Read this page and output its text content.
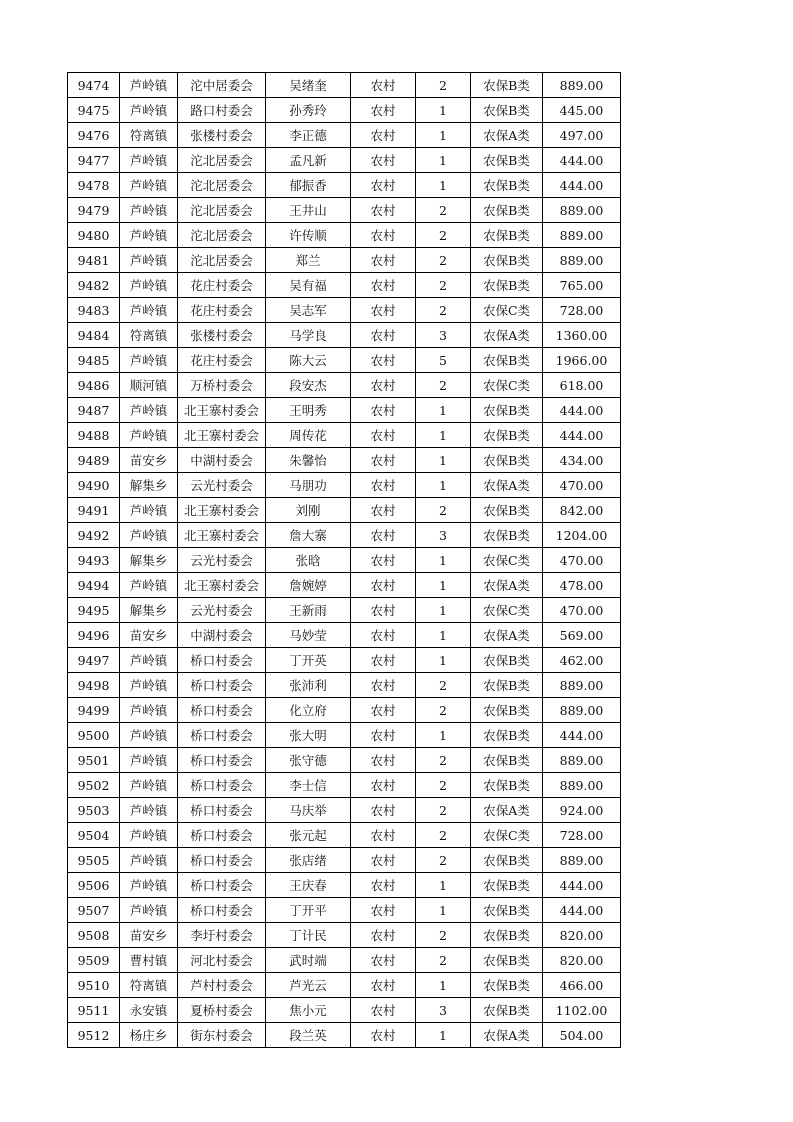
9474	芦岭镇	沱中居委会	吴绪奎	农村	2	农保B类	889.00
9475	芦岭镇	路口村委会	孙秀玲	农村	1	农保B类	445.00
9476	符离镇	张楼村委会	李正德	农村	1	农保A类	497.00
9477	芦岭镇	沱北居委会	孟凡新	农村	1	农保B类	444.00
9478	芦岭镇	沱北居委会	郁振香	农村	1	农保B类	444.00
9479	芦岭镇	沱北居委会	王井山	农村	2	农保B类	889.00
9480	芦岭镇	沱北居委会	许传顺	农村	2	农保B类	889.00
9481	芦岭镇	沱北居委会	郑兰	农村	2	农保B类	889.00
9482	芦岭镇	花庄村委会	吴有福	农村	2	农保B类	765.00
9483	芦岭镇	花庄村委会	吴志军	农村	2	农保C类	728.00
9484	符离镇	张楼村委会	马学良	农村	3	农保A类	1360.00
9485	芦岭镇	花庄村委会	陈大云	农村	5	农保B类	1966.00
9486	顺河镇	万桥村委会	段安杰	农村	2	农保C类	618.00
9487	芦岭镇	北王寨村委会	王明秀	农村	1	农保B类	444.00
9488	芦岭镇	北王寨村委会	周传花	农村	1	农保B类	444.00
9489	苗安乡	中湖村委会	朱馨怡	农村	1	农保B类	434.00
9490	解集乡	云光村委会	马朋功	农村	1	农保A类	470.00
9491	芦岭镇	北王寨村委会	刘刚	农村	2	农保B类	842.00
9492	芦岭镇	北王寨村委会	詹大寨	农村	3	农保B类	1204.00
9493	解集乡	云光村委会	张晗	农村	1	农保C类	470.00
9494	芦岭镇	北王寨村委会	詹婉婷	农村	1	农保A类	478.00
9495	解集乡	云光村委会	王新雨	农村	1	农保C类	470.00
9496	苗安乡	中湖村委会	马妙莹	农村	1	农保A类	569.00
9497	芦岭镇	桥口村委会	丁开英	农村	1	农保B类	462.00
9498	芦岭镇	桥口村委会	张沛利	农村	2	农保B类	889.00
9499	芦岭镇	桥口村委会	化立府	农村	2	农保B类	889.00
9500	芦岭镇	桥口村委会	张大明	农村	1	农保B类	444.00
9501	芦岭镇	桥口村委会	张守德	农村	2	农保B类	889.00
9502	芦岭镇	桥口村委会	李士信	农村	2	农保B类	889.00
9503	芦岭镇	桥口村委会	马庆举	农村	2	农保A类	924.00
9504	芦岭镇	桥口村委会	张元起	农村	2	农保C类	728.00
9505	芦岭镇	桥口村委会	张店绪	农村	2	农保B类	889.00
9506	芦岭镇	桥口村委会	王庆春	农村	1	农保B类	444.00
9507	芦岭镇	桥口村委会	丁开平	农村	1	农保B类	444.00
9508	苗安乡	李圩村委会	丁计民	农村	2	农保B类	820.00
9509	曹村镇	河北村委会	武时端	农村	2	农保B类	820.00
9510	符离镇	芦村村委会	芦光云	农村	1	农保B类	466.00
9511	永安镇	夏桥村委会	焦小元	农村	3	农保B类	1102.00
9512	杨庄乡	街东村委会	段兰英	农村	1	农保A类	504.00
